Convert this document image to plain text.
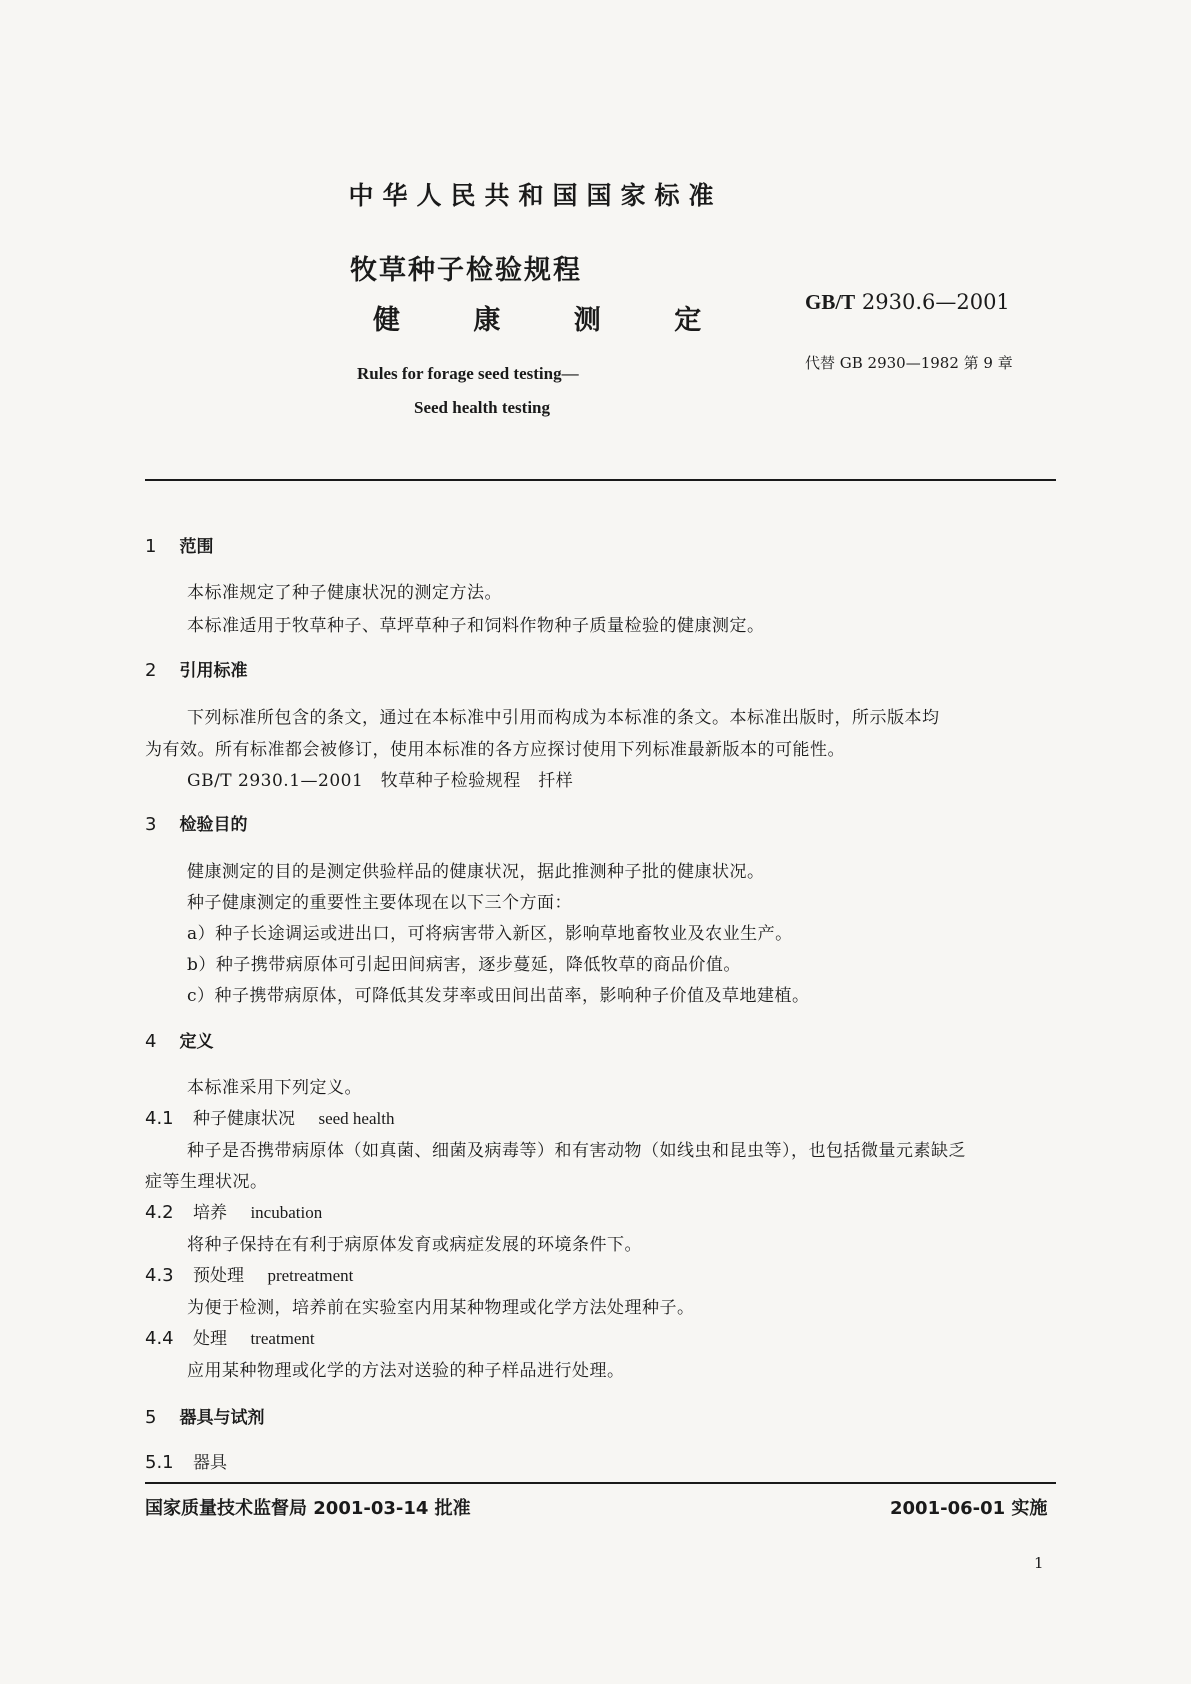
中华人民共和国国家标准
牧草种子检验规程
健 康 测 定
GB/T 2930.6—2001
代替 GB 2930—1982 第 9 章
Rules for forage seed testing—
Seed health testing
1 范围
本标准规定了种子健康状况的测定方法。
本标准适用于牧草种子、草坪草种子和饲料作物种子质量检验的健康测定。
2 引用标准
下列标准所包含的条文，通过在本标准中引用而构成为本标准的条文。本标准出版时，所示版本均
为有效。所有标准都会被修订，使用本标准的各方应探讨使用下列标准最新版本的可能性。
GB/T 2930.1—2001　牧草种子检验规程　扦样
3 检验目的
健康测定的目的是测定供验样品的健康状况，据此推测种子批的健康状况。
种子健康测定的重要性主要体现在以下三个方面：
a）种子长途调运或进出口，可将病害带入新区，影响草地畜牧业及农业生产。
b）种子携带病原体可引起田间病害，逐步蔓延，降低牧草的商品价值。
c）种子携带病原体，可降低其发芽率或田间出苗率，影响种子价值及草地建植。
4 定义
本标准采用下列定义。
4.1 种子健康状况 seed health
种子是否携带病原体（如真菌、细菌及病毒等）和有害动物（如线虫和昆虫等），也包括微量元素缺乏
症等生理状况。
4.2 培养 incubation
将种子保持在有利于病原体发育或病症发展的环境条件下。
4.3 预处理 pretreatment
为便于检测，培养前在实验室内用某种物理或化学方法处理种子。
4.4 处理 treatment
应用某种物理或化学的方法对送验的种子样品进行处理。
5 器具与试剂
5.1 器具
国家质量技术监督局 2001-03-14 批准	2001-06-01 实施
1
